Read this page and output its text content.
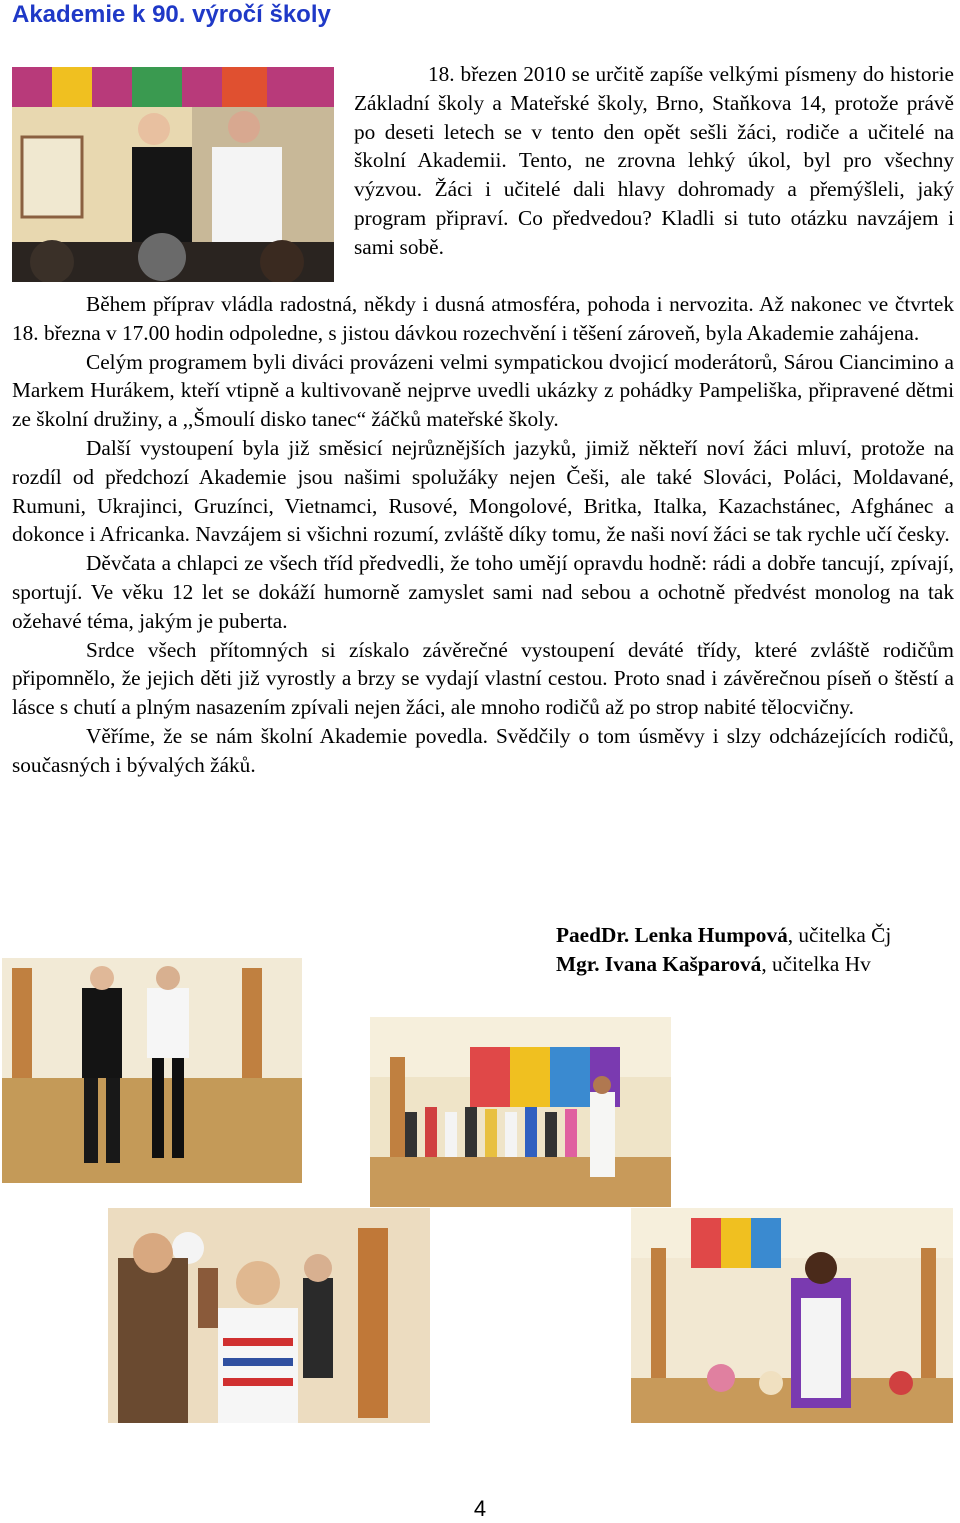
Akademie k 90. výročí školy

18. březen 2010 se určitě zapíše velkými písmeny do historie Základní školy a Mateřské školy, Brno, Staňkova 14, protože právě po deseti letech se v tento den opět sešli žáci, rodiče a učitelé na školní Akademii. Tento, ne zrovna lehký úkol, byl pro všechny výzvou. Žáci i učitelé dali hlavy dohromady a přemýšleli, jaký program připraví. Co předvedou? Kladli si tuto otázku navzájem i sami sobě.

Během příprav vládla radostná, někdy i dusná atmosféra, pohoda i nervozita. Až nakonec ve čtvrtek 18. března v 17.00 hodin odpoledne, s jistou dávkou rozechvění i těšení zároveň, byla Akademie zahájena.

Celým programem byli diváci provázeni velmi sympatickou dvojicí moderátorů, Sárou Ciancimino a Markem Hurákem, kteří vtipně a kultivovaně nejprve uvedli ukázky z pohádky Pampeliška, připravené dětmi ze školní družiny, a ,,Šmoulí disko tanec“ žáčků mateřské školy.

Další vystoupení byla již směsicí nejrůznějších jazyků, jimiž někteří noví žáci mluví, protože na rozdíl od předchozí Akademie jsou našimi spolužáky nejen Češi, ale také Slováci, Poláci, Moldavané, Rumuni, Ukrajinci, Gruzínci, Vietnamci, Rusové, Mongolové, Britka, Italka, Kazachstánec, Afghánec a dokonce i Africanka. Navzájem si všichni rozumí, zvláště díky tomu, že naši noví žáci se tak rychle učí česky.

Děvčata a chlapci ze všech tříd předvedli, že toho umějí opravdu hodně: rádi a dobře tancují, zpívají, sportují. Ve věku 12 let se dokáží humorně zamyslet sami nad sebou a ochotně předvést monolog na tak ožehavé téma, jakým je puberta.

Srdce všech přítomných si získalo závěrečné vystoupení deváté třídy, které zvláště rodičům připomnělo, že jejich děti již vyrostly a brzy se vydají vlastní cestou. Proto snad i závěrečnou píseň o štěstí a lásce s chutí a plným nasazením zpívali nejen žáci, ale mnoho rodičů až po strop nabité tělocvičny.

Věříme, že se nám školní Akademie povedla. Svědčily o tom úsměvy i slzy odcházejících rodičů, současných i bývalých žáků.

PaedDr. Lenka Humpová, učitelka Čj
Mgr. Ivana Kašparová, učitelka Hv
4
